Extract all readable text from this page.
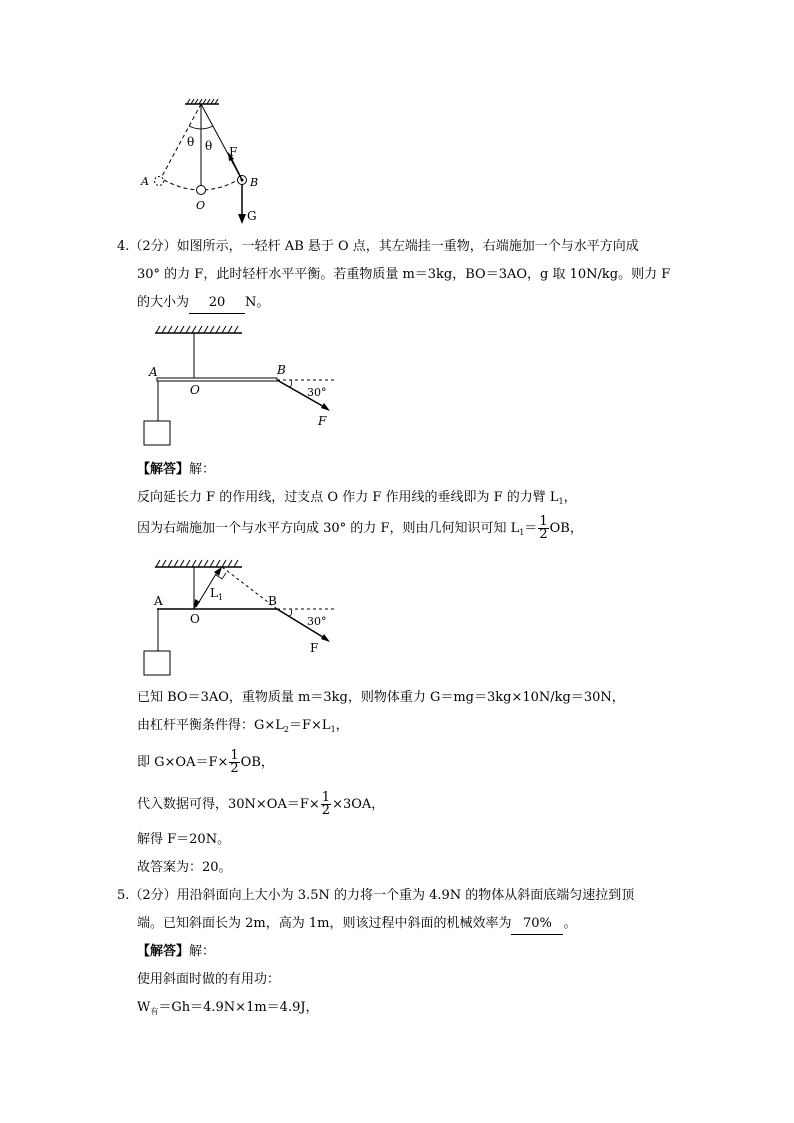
θ θ F
A
O
B
G
4.（2分）如图所示，一轻杆 AB 悬于 O 点，其左端挂一重物，右端施加一个与水平方向成
30° 的力 F，此时轻杆水平平衡。若重物质量 m＝3kg，BO＝3AO，g 取 10N/kg。则力 F
的大小为 20 N。
A
O
B
30°
F
【解答】解：
反向延长力 F 的作用线，过支点 O 作力 F 作用线的垂线即为 F 的力臂 $L_1$，
因为右端施加一个与水平方向成 30° 的力 F，则由几何知识可知 $L_1= \frac{1}{2}$ OB，
$L_1$
A
O
B
30°
F
已知 BO＝3AO，重物质量 m＝3kg，则物体重力 G＝mg＝3kg×10N/kg＝30N，
由杠杆平衡条件得：$G\times L_2=F\times L_1$，
即 $G\times OA=F\times \frac{1}{2}$ OB，
代入数据可得，$30N\times OA=F\times \frac{1}{2} \times 3OA$，
解得 F＝20N。
故答案为：20。
5.（2分）用沿斜面向上大小为 3.5N 的力将一个重为 4.9N 的物体从斜面底端匀速拉到顶
端。已知斜面长为 2m，高为 1m，则该过程中斜面的机械效率为 70% 。
【解答】解：
使用斜面时做的有用功：
$W_有=Gh=4.9N\times 1m=4.9J$，
